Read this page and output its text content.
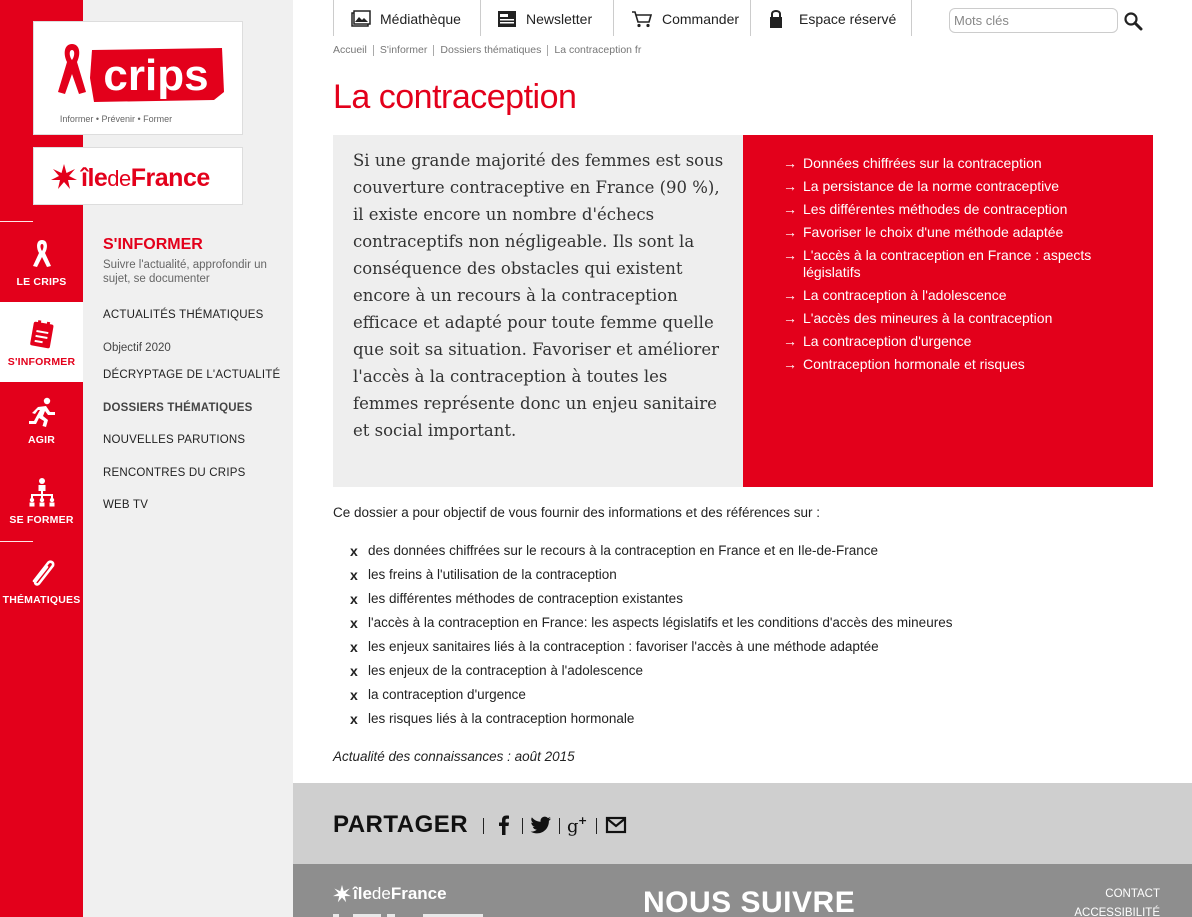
LE CRIPS
S'INFORMER
AGIR
SE FORMER
THÉMATIQUES
crips
Informer • Prévenir • Former
îledeFrance
S'INFORMER
Suivre l'actualité, approfondir un sujet, se documenter
ACTUALITÉS THÉMATIQUES
Objectif 2020
DÉCRYPTAGE DE L'ACTUALITÉ
DOSSIERS THÉMATIQUES
NOUVELLES PARUTIONS
RENCONTRES DU CRIPS
WEB TV
Médiathèque	Newsletter	Commander	Espace réservé
Mots clés
Accueil S'informer Dossiers thématiques La contraception fr
La contraception

Si une grande majorité des femmes est sous couverture contraceptive en France (90 %), il existe encore un nombre d'échecs contraceptifs non négligeable. Ils sont la conséquence des obstacles qui existent encore à un recours à la contraception efficace et adapté pour toute femme quelle que soit sa situation. Favoriser et améliorer l'accès à la contraception à toutes les femmes représente donc un enjeu sanitaire et social important.

→ Données chiffrées sur la contraception
→ La persistance de la norme contraceptive
→ Les différentes méthodes de contraception
→ Favoriser le choix d'une méthode adaptée
→ L'accès à la contraception en France : aspects législatifs
→ La contraception à l'adolescence
→ L'accès des mineures à la contraception
→ La contraception d'urgence
→ Contraception hormonale et risques

Ce dossier a pour objectif de vous fournir des informations et des références sur :

x des données chiffrées sur le recours à la contraception en France et en Ile-de-France
x les freins à l'utilisation de la contraception
x les différentes méthodes de contraception existantes
x l'accès à la contraception en France: les aspects législatifs et les conditions d'accès des mineures
x les enjeux sanitaires liés à la contraception : favoriser l'accès à une méthode adaptée
x les enjeux de la contraception à l'adolescence
x la contraception d'urgence
x les risques liés à la contraception hormonale

Actualité des connaissances : août 2015

PARTAGER	g +
île de France	NOUS SUIVRE	CONTACT
ACCESSIBILITÉ
